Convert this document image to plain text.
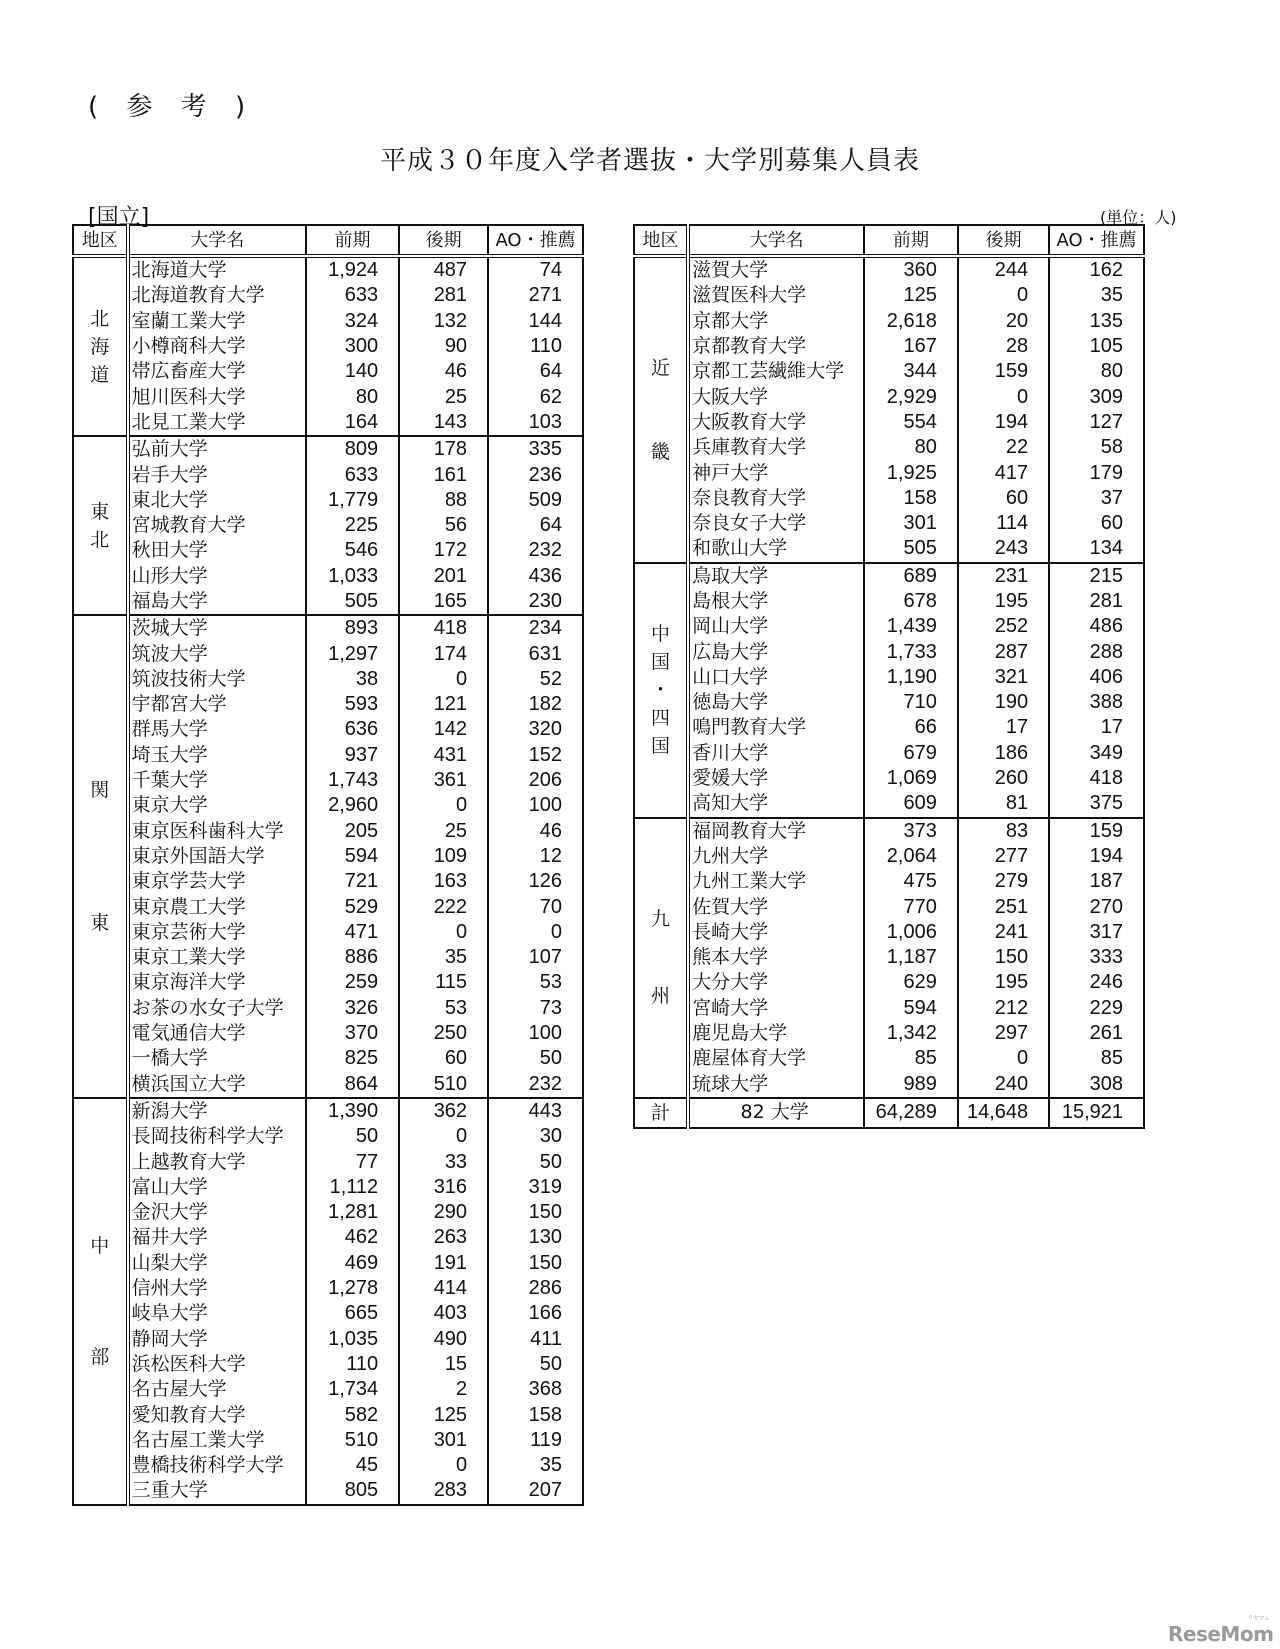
( 参 考 )
平成３０年度入学者選抜・大学別募集人員表
[国立]	(単位：人)
地区	大学名	前期	後期	AO・推薦

北
海
道	北海道大学	1,924	487	74
	北海道教育大学	633	281	271
	室蘭工業大学	324	132	144
	小樽商科大学	300	90	110
	帯広畜産大学	140	46	64
	旭川医科大学	80	25	62
	北見工業大学	164	143	103

東
北	弘前大学	809	178	335
	岩手大学	633	161	236
	東北大学	1,779	88	509
	宮城教育大学	225	56	64
	秋田大学	546	172	232
	山形大学	1,033	201	436
	福島大学	505	165	230

関
東	茨城大学	893	418	234
	筑波大学	1,297	174	631
	筑波技術大学	38	0	52
	宇都宮大学	593	121	182
	群馬大学	636	142	320
	埼玉大学	937	431	152
	千葉大学	1,743	361	206
	東京大学	2,960	0	100
	東京医科歯科大学	205	25	46
	東京外国語大学	594	109	12
	東京学芸大学	721	163	126
	東京農工大学	529	222	70
	東京芸術大学	471	0	0
	東京工業大学	886	35	107
	東京海洋大学	259	115	53
	お茶の水女子大学	326	53	73
	電気通信大学	370	250	100
	一橋大学	825	60	50
	横浜国立大学	864	510	232

中
部	新潟大学	1,390	362	443
	長岡技術科学大学	50	0	30
	上越教育大学	77	33	50
	富山大学	1,112	316	319
	金沢大学	1,281	290	150
	福井大学	462	263	130
	山梨大学	469	191	150
	信州大学	1,278	414	286
	岐阜大学	665	403	166
	静岡大学	1,035	490	411
	浜松医科大学	110	15	50
	名古屋大学	1,734	2	368
	愛知教育大学	582	125	158
	名古屋工業大学	510	301	119
	豊橋技術科学大学	45	0	35
	三重大学	805	283	207
地区	大学名	前期	後期	AO・推薦

近
畿	滋賀大学	360	244	162
	滋賀医科大学	125	0	35
	京都大学	2,618	20	135
	京都教育大学	167	28	105
	京都工芸繊維大学	344	159	80
	大阪大学	2,929	0	309
	大阪教育大学	554	194	127
	兵庫教育大学	80	22	58
	神戸大学	1,925	417	179
	奈良教育大学	158	60	37
	奈良女子大学	301	114	60
	和歌山大学	505	243	134

中
国
・
四
国	鳥取大学	689	231	215
	島根大学	678	195	281
	岡山大学	1,439	252	486
	広島大学	1,733	287	288
	山口大学	1,190	321	406
	徳島大学	710	190	388
	鳴門教育大学	66	17	17
	香川大学	679	186	349
	愛媛大学	1,069	260	418
	高知大学	609	81	375

九
州	福岡教育大学	373	83	159
	九州大学	2,064	277	194
	九州工業大学	475	279	187
	佐賀大学	770	251	270
	長崎大学	1,006	241	317
	熊本大学	1,187	150	333
	大分大学	629	195	246
	宮崎大学	594	212	229
	鹿児島大学	1,342	297	261
	鹿屋体育大学	85	0	85
	琉球大学	989	240	308
計	82 大学	64,289	14,648	15,921
ReseMom
リセマム
